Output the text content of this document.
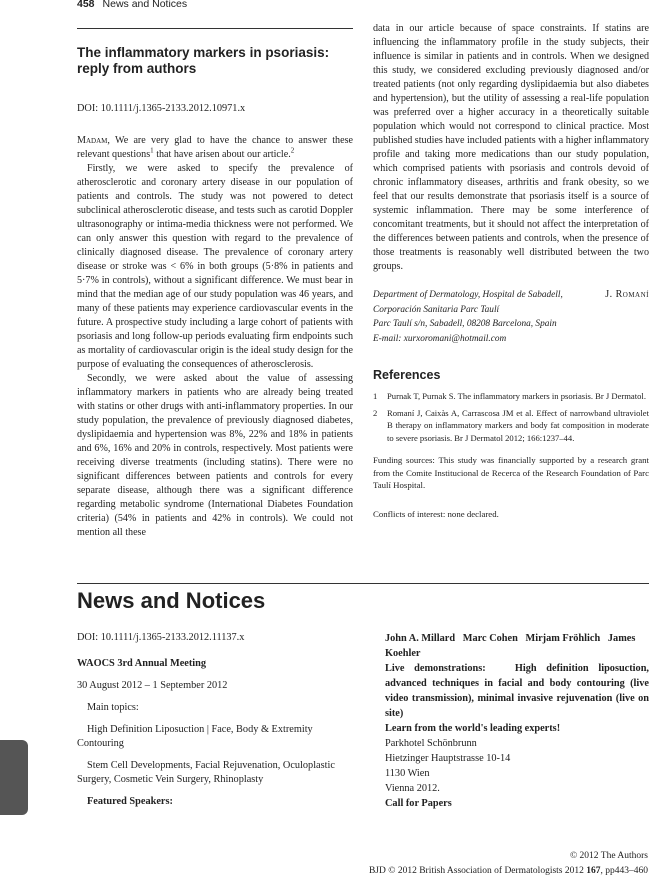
458 News and Notices
The inflammatory markers in psoriasis: reply from authors
DOI: 10.1111/j.1365-2133.2012.10971.x

Madam, We are very glad to have the chance to answer these relevant questions$^1$ that have arisen about our article.$^2$

Firstly, we were asked to specify the prevalence of atherosclerotic and coronary artery disease in our population of patients and controls. The study was not powered to detect subclinical atherosclerotic disease, and tests such as carotid Doppler ultrasonography or intima-media thickness were not performed. We can only answer this question with regard to the prevalence of clinically diagnosed disease. The prevalence of coronary artery disease or stroke was < 6% in both groups (5·8% in patients and 5·7% in controls), without a significant difference. We must bear in mind that the median age of our study population was 46 years, and many of these patients may experience cardiovascular events in the future. A prospective study including a large cohort of patients with psoriasis and long follow-up periods evaluating firm endpoints such as mortality of cardiovascular origin is the ideal study design for the purpose of evaluating the consequences of atherosclerosis.

Secondly, we were asked about the value of assessing inflammatory markers in patients who are already being treated with statins or other drugs with anti-inflammatory properties. In our study population, the prevalence of previously diagnosed diabetes, dyslipidaemia and hypertension was 8%, 22% and 18% in patients and 6%, 16% and 20% in controls, respectively. Most patients were receiving diverse treatments (including statins). There were no significant differences between patients and controls for every separate disease, although there was a significant difference regarding metabolic syndrome (International Diabetes Foundation criteria) (54% in patients and 42% in controls). We could not mention all these

data in our article because of space constraints. If statins are influencing the inflammatory profile in the study subjects, their influence is similar in patients and in controls. When we designed this study, we considered excluding previously diagnosed and/or treated patients (not only regarding dyslipidaemia but also diabetes and hypertension), but the utility of assessing a real-life population was preferred over a higher accuracy in a theoretically suitable population which would not correspond to clinical practice. Most published studies have included patients with a higher inflammatory profile and taking more medications than our study population, which comprised patients with psoriasis and controls devoid of chronic inflammatory diseases, arthritis and frank obesity, so we feel that our results demonstrate that psoriasis itself is a source of systemic inflammation. There may be some interference of concomitant treatments, but it should not affect the interpretation of the differences between patients and controls, when the presence of those treatments is reasonably well distributed between the two groups.

Department of Dermatology, Hospital de Sabadell,
Corporación Sanitaria Parc Taulí
Parc Taulí s/n, Sabadell, 08208 Barcelona, Spain
E-mail: xurxoromani@hotmail.com
J. Romaní
References
1 Purnak T, Purnak S. The inflammatory markers in psoriasis. Br J Dermatol.
2 Romaní J, Caixàs A, Carrascosa JM et al. Effect of narrowband ultraviolet B therapy on inflammatory markers and body fat composition in moderate to severe psoriasis. Br J Dermatol 2012; 166:1237–44.
Funding sources: This study was financially supported by a research grant from the Comite Institucional de Recerca of the Research Foundation of Parc Taulí Hospital.
Conflicts of interest: none declared.
News and Notices

DOI: 10.1111/j.1365-2133.2012.11137.x

WAOCS 3rd Annual Meeting

30 August 2012 – 1 September 2012

Main topics:

High Definition Liposuction | Face, Body & Extremity Contouring

Stem Cell Developments, Facial Rejuvenation, Oculoplastic Surgery, Cosmetic Vein Surgery, Rhinoplasty

Featured Speakers:

John A. Millard   Marc Cohen   Mirjam Fröhlich   James Koehler

Live demonstrations:   High definition liposuction, advanced techniques in facial and body contouring (live video transmission), minimal invasive rejuvenation (live on site)

Learn from the world's leading experts!

Parkhotel Schönbrunn

Hietzinger Hauptstrasse 10-14

1130 Wien

Vienna 2012.

Call for Papers

© 2012 The Authors
BJD © 2012 British Association of Dermatologists 2012 167, pp443–460
